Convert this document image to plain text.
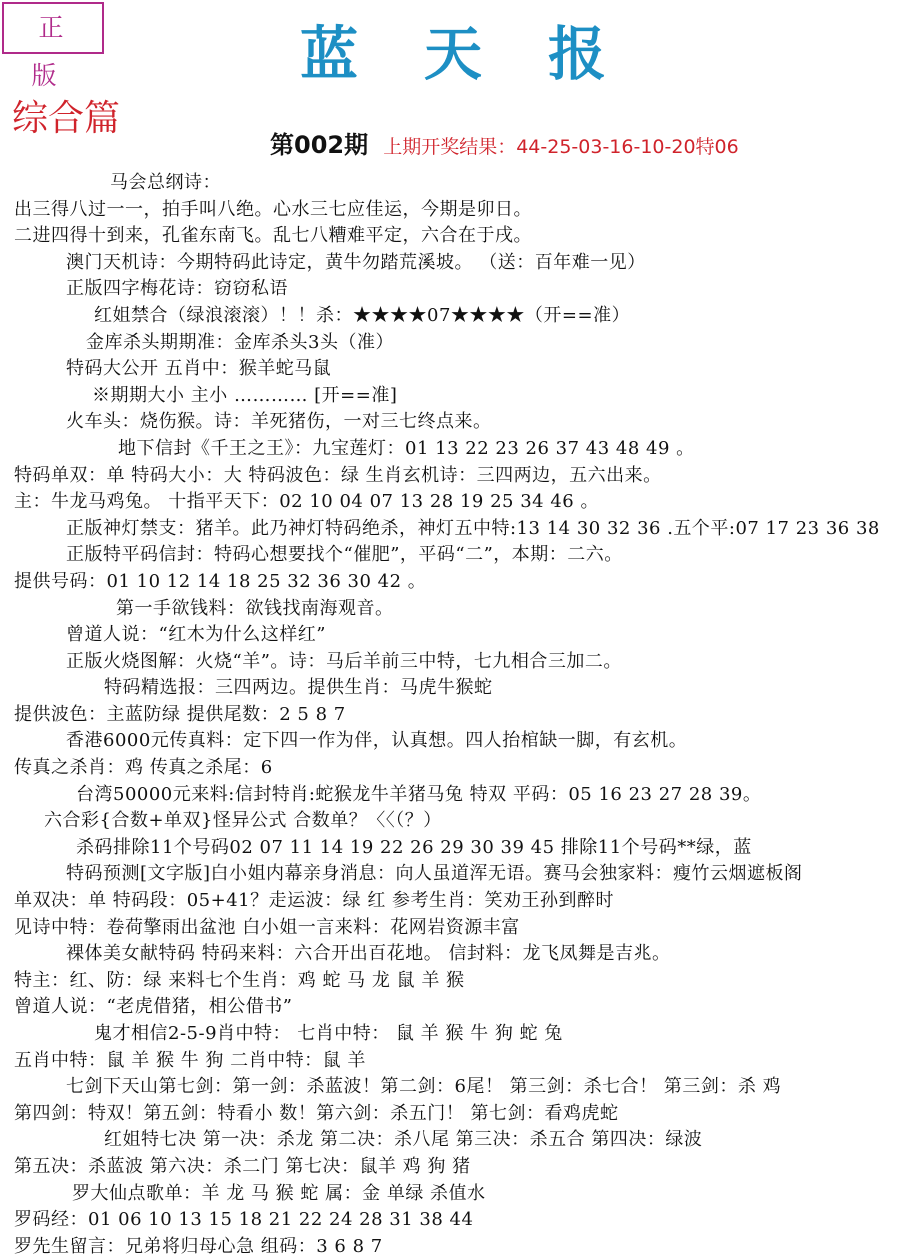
正版	蓝天报
综合篇
第002期 上期开奖结果：44-25-03-16-10-20特06
马会总纲诗：
出三得八过一一，拍手叫八绝。心水三七应佳运，今期是卯日。
二进四得十到来，孔雀东南飞。乱七八糟难平定，六合在于戌。
澳门天机诗：今期特码此诗定，黄牛勿踏荒溪坡。 （送：百年难一见）
正版四字梅花诗：窃窃私语
红姐禁合（绿浪滚滚）！！杀：★★★★07★★★★（开==准）
金库杀头期期准：金库杀头3头（准）
特码大公开 五肖中：猴羊蛇马鼠
※期期大小 主小 ………… [开==准]
火车头：烧伤猴。诗：羊死猪伤，一对三七终点来。
地下信封《千王之王》：九宝莲灯：01 13 22 23 26 37 43 48 49 。
特码单双：单 特码大小：大 特码波色：绿 生肖玄机诗：三四两边，五六出来。
主：牛龙马鸡兔。 十指平天下：02 10 04 07 13 28 19 25 34 46 。
正版神灯禁支：猪羊。此乃神灯特码绝杀，神灯五中特:13 14 30 32 36 .五个平:07 17 23 36 38
正版特平码信封：特码心想要找个“催肥”，平码“二”，本期：二六。
提供号码：01 10 12 14 18 25 32 36 30 42 。
第一手欲钱料：欲钱找南海观音。
曾道人说：“红木为什么这样红”
正版火烧图解：火烧“羊”。诗：马后羊前三中特，七九相合三加二。
特码精选报：三四两边。提供生肖：马虎牛猴蛇
提供波色：主蓝防绿 提供尾数：2 5 8 7
香港6000元传真料：定下四一作为伴，认真想。四人抬棺缺一脚，有玄机。
传真之杀肖：鸡 传真之杀尾：6
台湾50000元来料:信封特肖:蛇猴龙牛羊猪马兔 特双 平码：05 16 23 27 28 39。
六合彩{合数+单双}怪异公式 合数单？〈〈（？）
杀码排除11个号码02 07 11 14 19 22 26 29 30 39 45 排除11个号码**绿，蓝
特码预测[文字版]白小姐内幕亲身消息：向人虽道浑无语。赛马会独家料：瘦竹云烟遮板阁
单双决：单 特码段：05+41？走运波：绿 红 参考生肖：笑劝王孙到醉时
见诗中特：卷荷擎雨出盆池 白小姐一言来料：花网岩资源丰富
裸体美女献特码 特码来料：六合开出百花地。 信封料：龙飞凤舞是吉兆。
特主：红、防：绿 来料七个生肖：鸡 蛇 马 龙 鼠 羊 猴
曾道人说：“老虎借猪，相公借书”
鬼才相信2-5-9肖中特： 七肖中特： 鼠 羊 猴 牛 狗 蛇 兔
五肖中特：鼠 羊 猴 牛 狗 二肖中特：鼠 羊
七剑下天山第七剑：第一剑：杀蓝波！第二剑：6尾！ 第三剑：杀七合！ 第三剑：杀 鸡
第四剑：特双！第五剑：特看小 数！第六剑：杀五门！ 第七剑：看鸡虎蛇
红姐特七决 第一决：杀龙 第二决：杀八尾 第三决：杀五合 第四决：绿波
第五决：杀蓝波 第六决：杀二门 第七决：鼠羊 鸡 狗 猪
罗大仙点歌单：羊 龙 马 猴 蛇 属：金 单绿 杀值水
罗码经：01 06 10 13 15 18 21 22 24 28 31 38 44
罗先生留言：兄弟将归母心急 组码：3 6 8 7
